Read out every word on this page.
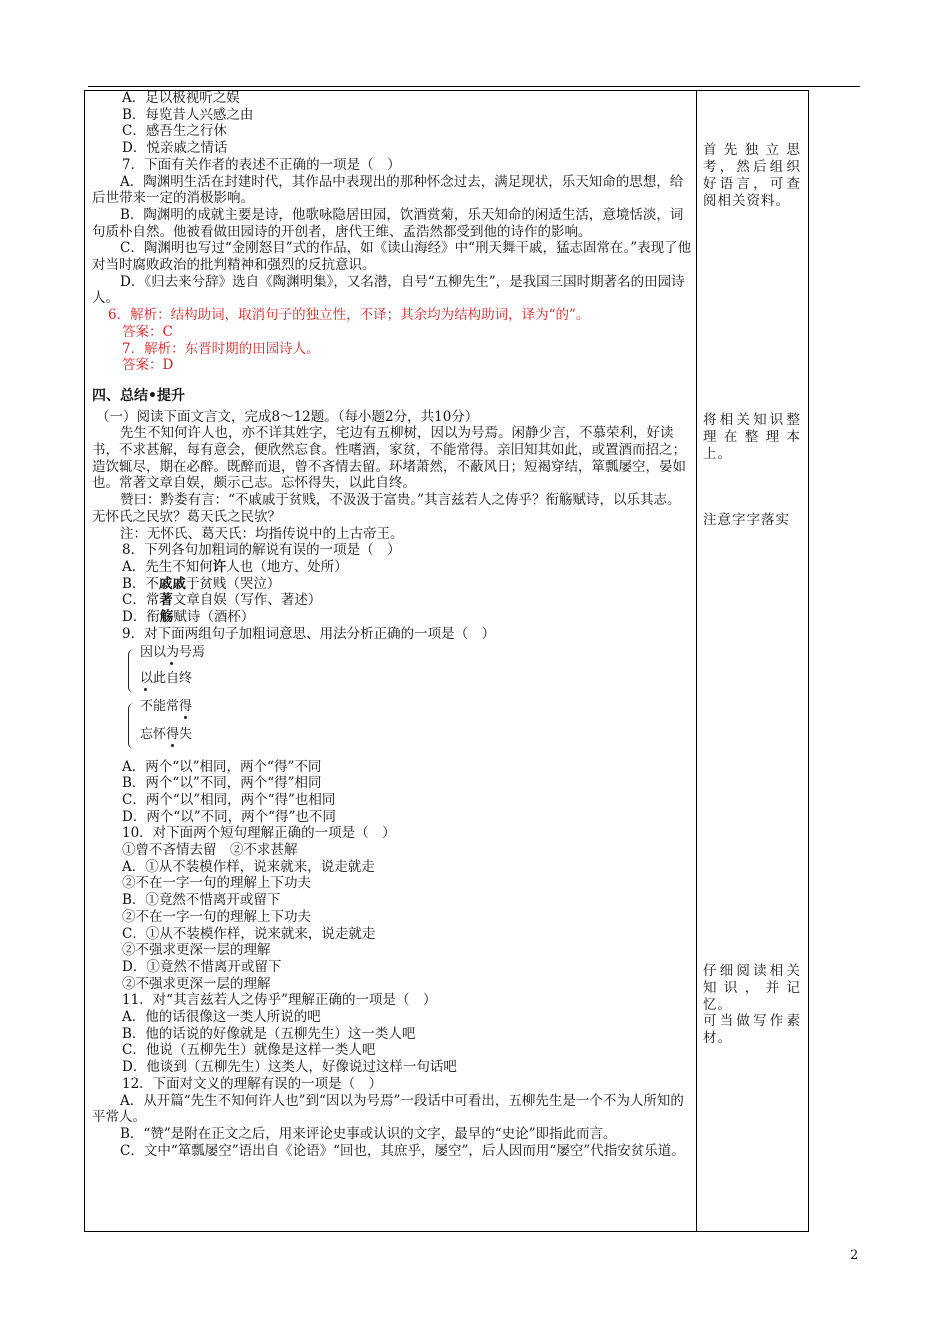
A．足以极视听之娱

B．每览昔人兴感之由

C．感吾生之行休

D．悦亲戚之情话

7．下面有关作者的表述不正确的一项是（　）

A．陶渊明生活在封建时代，其作品中表现出的那种怀念过去，满足现状，乐天知命的思想，给后世带来一定的消极影响。

B．陶渊明的成就主要是诗，他歌咏隐居田园，饮酒赏菊，乐天知命的闲适生活，意境恬淡，词句质朴自然。他被看做田园诗的开创者，唐代王维、孟浩然都受到他的诗作的影响。

C．陶渊明也写过“金刚怒目”式的作品，如《读山海经》中“刑天舞干戚，猛志固常在。”表现了他对当时腐败政治的批判精神和强烈的反抗意识。

D．《归去来兮辞》选自《陶渊明集》，又名潜，自号“五柳先生”，是我国三国时期著名的田园诗人。

6．解析：结构助词，取消句子的独立性，不译；其余均为结构助词，译为“的”。

答案：C

7．解析：东晋时期的田园诗人。

答案：D

四、总结•提升

（一）阅读下面文言文，完成8～12题。（每小题2分，共10分）

先生不知何许人也，亦不详其姓字，宅边有五柳树，因以为号焉。闲静少言，不慕荣利，好读书，不求甚解，每有意会，便欣然忘食。性嗜酒，家贫，不能常得。亲旧知其如此，或置酒而招之；造饮辄尽，期在必醉。既醉而退，曾不吝情去留。环堵萧然，不蔽风日；短褐穿结，箪瓢屡空，晏如也。常著文章自娱，颇示己志。忘怀得失，以此自终。

赞曰：黔娄有言：“不戚戚于贫贱，不汲汲于富贵。”其言兹若人之俦乎？衔觞赋诗，以乐其志。无怀氏之民欤？葛天氏之民欤？

注：无怀氏、葛天氏：均指传说中的上古帝王。

8．下列各句加粗词的解说有误的一项是（　）

A．先生不知何许人也（地方、处所）

B．不戚戚于贫贱（哭泣）

C．常著文章自娱（写作、著述）

D．衔觞赋诗（酒杯）

9．对下面两组句子加粗词意思、用法分析正确的一项是（　）

因以为号焉
以此自终
不能常得
忘怀得失

A．两个“以”相同，两个“得”不同

B．两个“以”不同，两个“得”相同

C．两个“以”相同，两个“得”也相同

D．两个“以”不同，两个“得”也不同

10．对下面两个短句理解正确的一项是（　）

①曾不吝情去留　②不求甚解

A．①从不装模作样，说来就来，说走就走

②不在一字一句的理解上下功夫

B．①竟然不惜离开或留下

②不在一字一句的理解上下功夫

C．①从不装模作样，说来就来，说走就走

②不强求更深一层的理解

D．①竟然不惜离开或留下

②不强求更深一层的理解

11．对“其言兹若人之俦乎”理解正确的一项是（　）

A．他的话很像这一类人所说的吧

B．他的话说的好像就是（五柳先生）这一类人吧

C．他说（五柳先生）就像是这样一类人吧

D．他谈到（五柳先生）这类人，好像说过这样一句话吧

12．下面对文义的理解有误的一项是（　）

A．从开篇“先生不知何许人也”到“因以为号焉”一段话中可看出，五柳先生是一个不为人所知的平常人。

B．“赞”是附在正文之后，用来评论史事或认识的文字，最早的“史论”即指此而言。

C．文中“箪瓢屡空”语出自《论语》“回也，其庶乎，屡空”，后人因而用“屡空”代指安贫乐道。

首先独立思考，然后组织好语言，可查阅相关资料。
将相关知识整理在整理本上。
注意字字落实
仔细阅读相关知识，并记忆。
可当做写作素材。
2
